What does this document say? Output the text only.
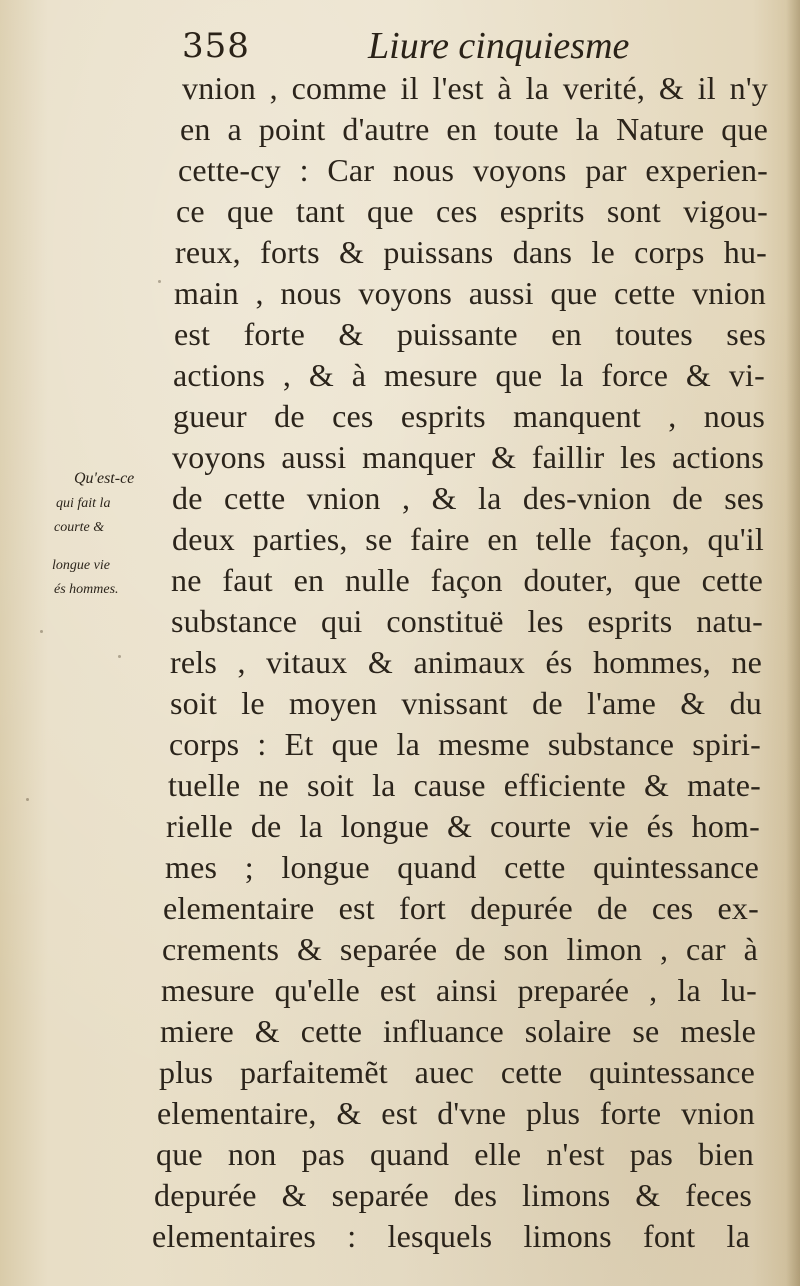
358	Liure cinquiesme
vnion , comme il l'est à la verité, & il n'y
en a point d'autre en toute la Nature que
cette-cy : Car nous voyons par experien-
ce que tant que ces esprits sont vigou-
reux, forts & puissans dans le corps hu-
main , nous voyons aussi que cette vnion
est forte & puissante en toutes ses
actions , & à mesure que la force & vi-
gueur de ces esprits manquent , nous
voyons aussi manquer & faillir les actions
de cette vnion , & la des-vnion de ses
deux parties, se faire en telle façon, qu'il
ne faut en nulle façon douter, que cette
substance qui constituë les esprits natu-
rels , vitaux & animaux és hommes, ne
soit le moyen vnissant de l'ame & du
corps : Et que la mesme substance spiri-
tuelle ne soit la cause efficiente & mate-
rielle de la longue & courte vie és hom-
mes ; longue quand cette quintessance
elementaire est fort depurée de ces ex-
crements & separée de son limon , car à
mesure qu'elle est ainsi preparée , la lu-
miere & cette influance solaire se mesle
plus parfaitemẽt auec cette quintessance
elementaire, & est d'vne plus forte vnion
que non pas quand elle n'est pas bien
depurée & separée des limons & feces
elementaires : lesquels limons font la
Qu'est-ce
qui fait la
courte &
longue vie
és hommes.
